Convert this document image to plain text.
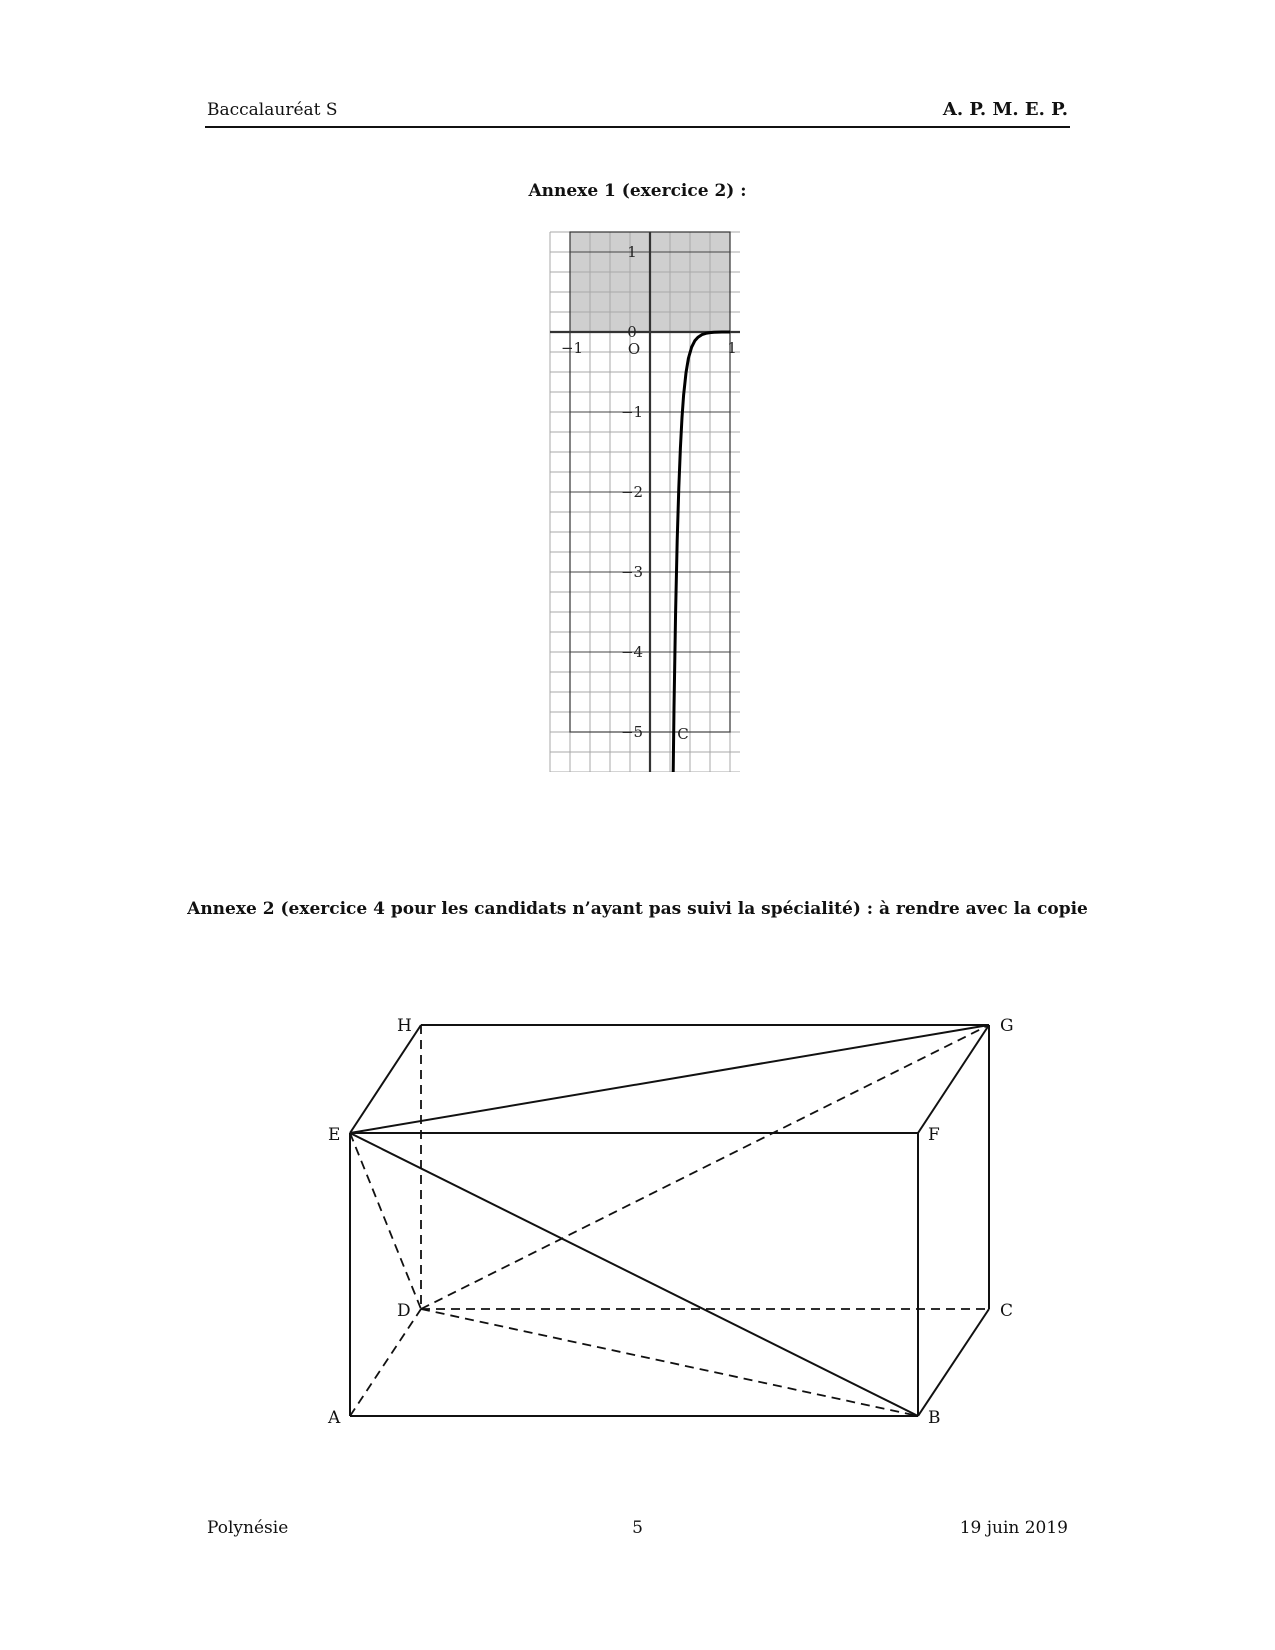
Baccalauréat S	A. P. M. E. P.
Annexe 1 (exercice 2) :
−1	1
1
0
−1
−2
−3
−4
−5
O
C
Annexe 2 (exercice 4 pour les candidats n’ayant pas suivi la spécialité) : à rendre avec la copie
H	G
E	F
D	C
A	B
Polynésie	5	19 juin 2019
